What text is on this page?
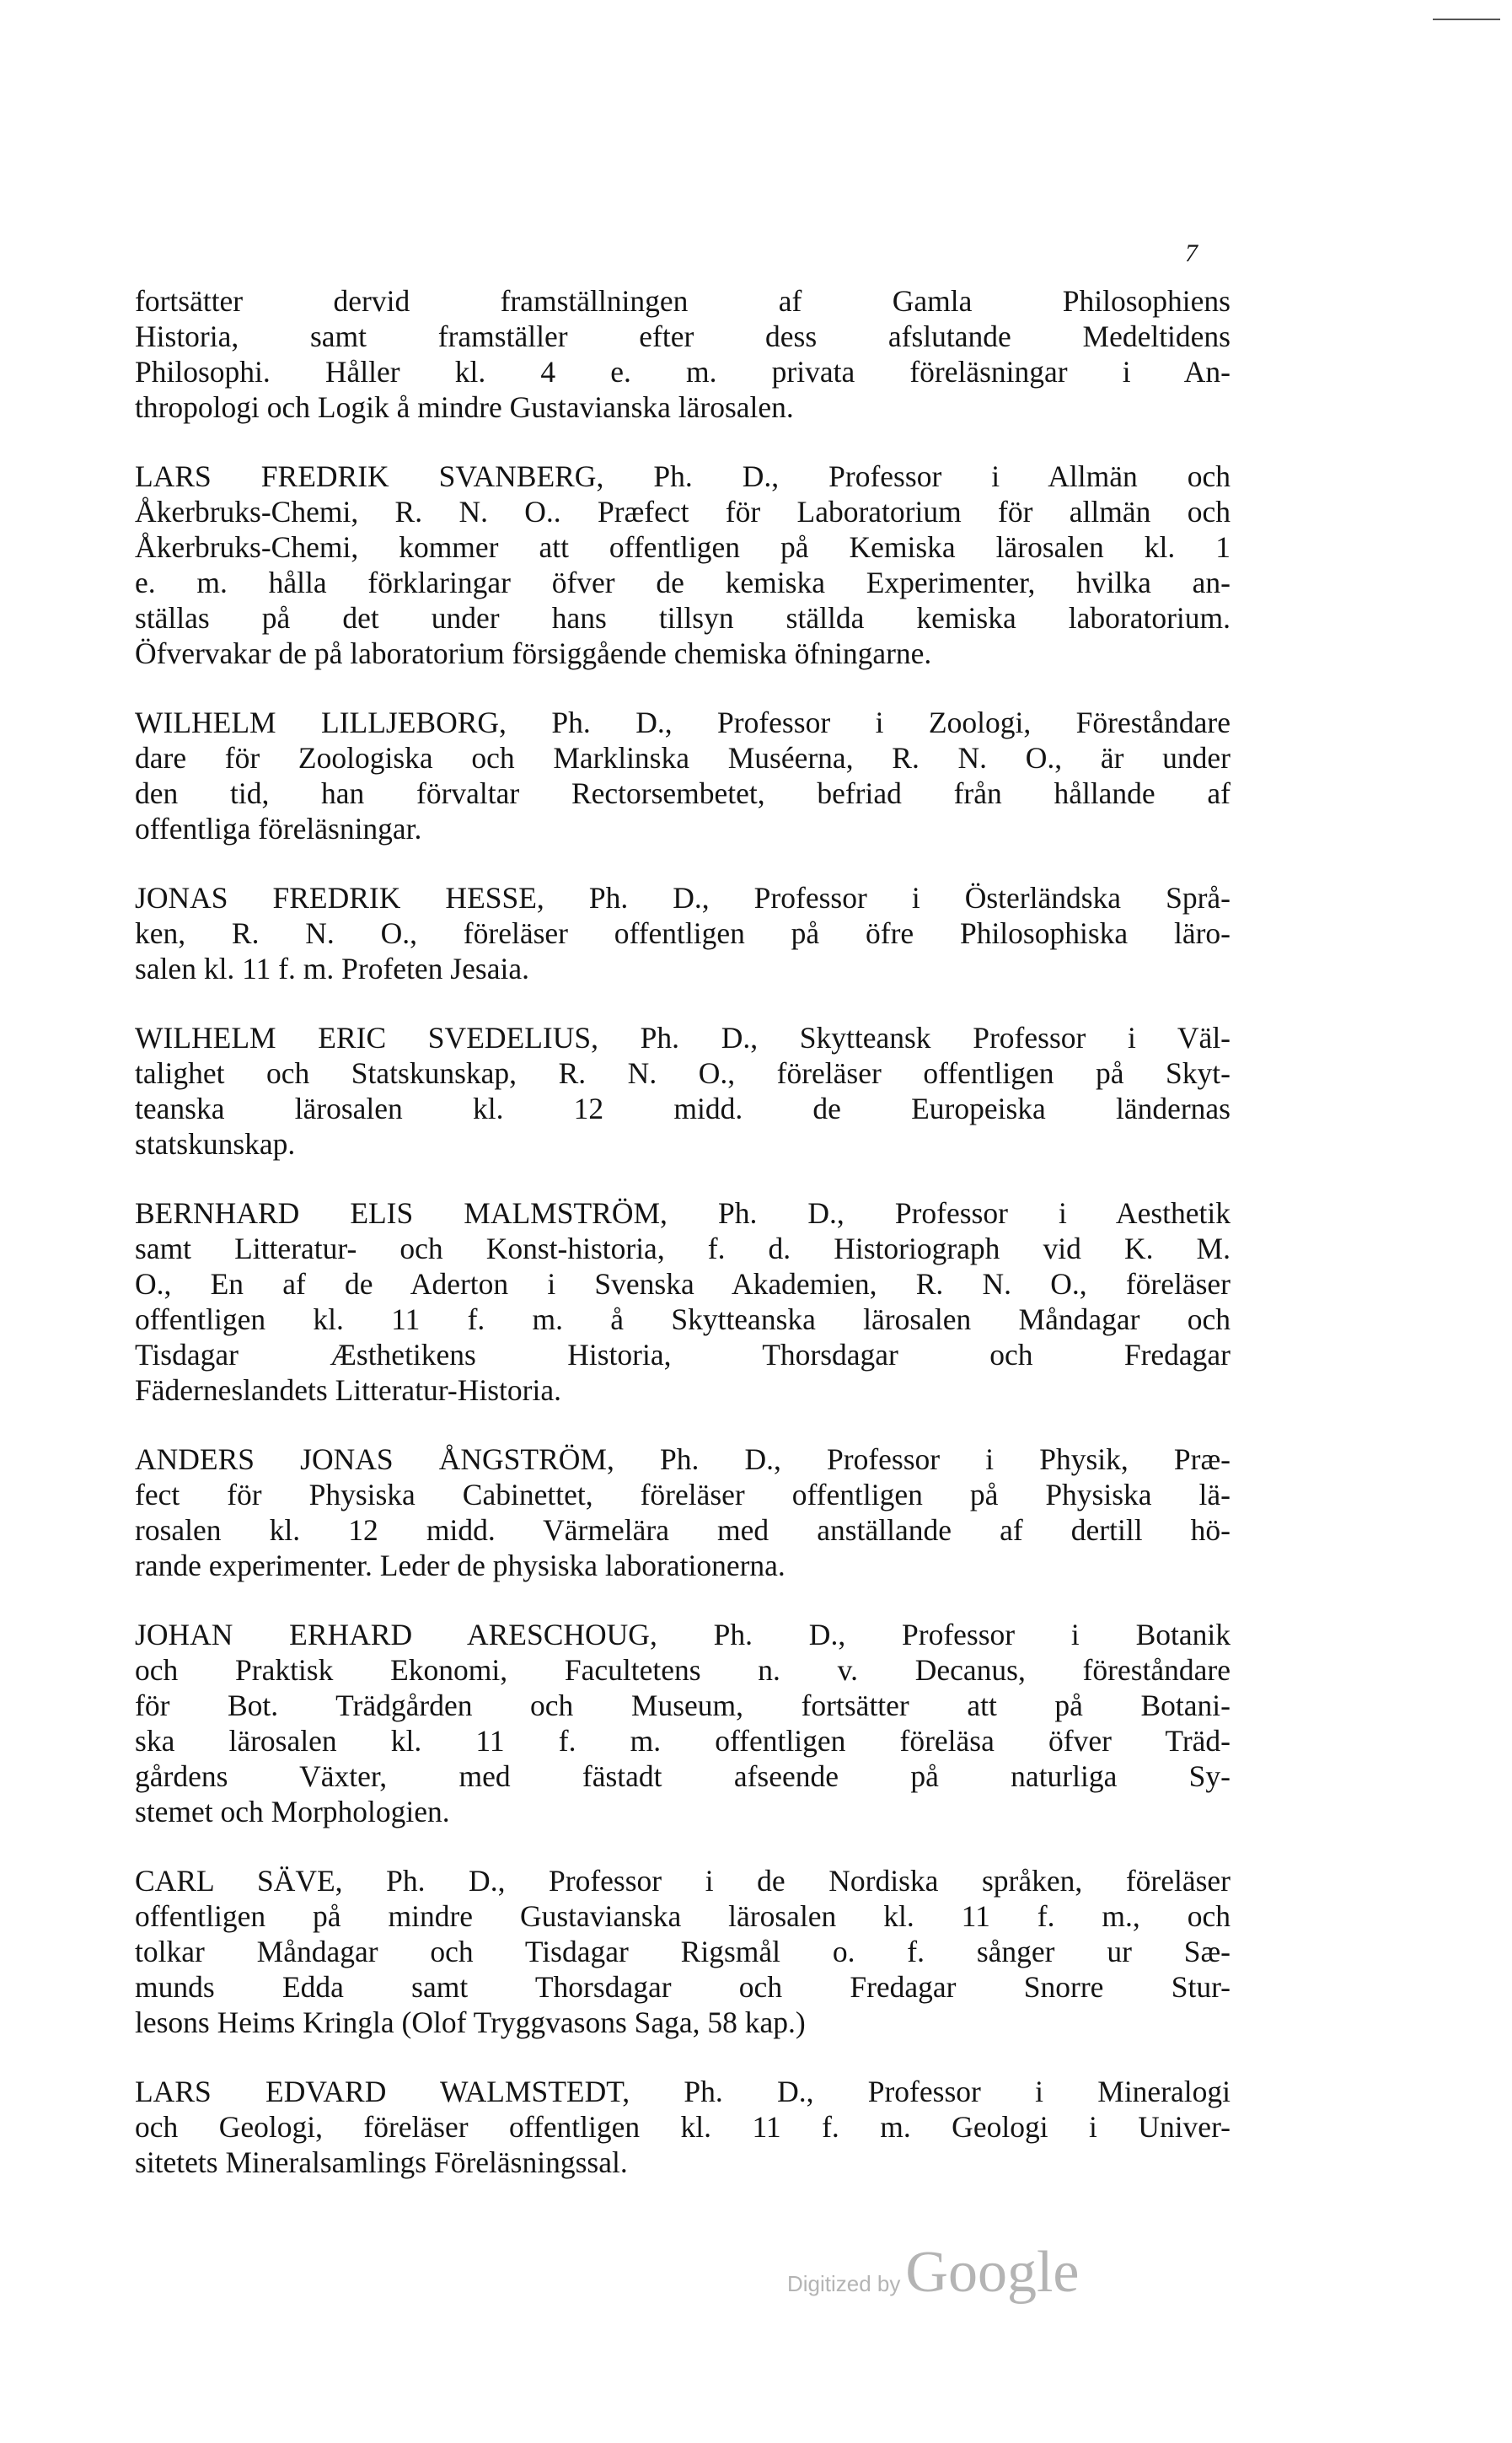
7
fortsätter dervid framställningen af Gamla Philosophiens
Historia, samt framställer efter dess afslutande Medeltidens
Philosophi. Håller kl. 4 e. m. privata föreläsningar i An-
thropologi och Logik å mindre Gustavianska lärosalen.
LARS FREDRIK SVANBERG, Ph. D., Professor i Allmän och
Åkerbruks-Chemi, R. N. O.. Præfect för Laboratorium för allmän och
Åkerbruks-Chemi, kommer att offentligen på Kemiska lärosalen kl. 1
e. m. hålla förklaringar öfver de kemiska Experimenter, hvilka an-
ställas på det under hans tillsyn ställda kemiska laboratorium.
Öfvervakar de på laboratorium försiggående chemiska öfningarne.
WILHELM LILLJEBORG, Ph. D., Professor i Zoologi, Föreståndare
dare för Zoologiska och Marklinska Muséerna, R. N. O., är under
den tid, han förvaltar Rectorsembetet, befriad från hållande af
offentliga föreläsningar.
JONAS FREDRIK HESSE, Ph. D., Professor i Österländska Språ-
ken, R. N. O., föreläser offentligen på öfre Philosophiska läro-
salen kl. 11 f. m. Profeten Jesaia.
WILHELM ERIC SVEDELIUS, Ph. D., Skytteansk Professor i Väl-
talighet och Statskunskap, R. N. O., föreläser offentligen på Skyt-
teanska lärosalen kl. 12 midd. de Europeiska ländernas
statskunskap.
BERNHARD ELIS MALMSTRÖM, Ph. D., Professor i Aesthetik
samt Litteratur- och Konst-historia, f. d. Historiograph vid K. M.
O., En af de Aderton i Svenska Akademien, R. N. O., föreläser
offentligen kl. 11 f. m. å Skytteanska lärosalen Måndagar och
Tisdagar Æsthetikens Historia, Thorsdagar och Fredagar
Fäderneslandets Litteratur-Historia.
ANDERS JONAS ÅNGSTRÖM, Ph. D., Professor i Physik, Præ-
fect för Physiska Cabinettet, föreläser offentligen på Physiska lä-
rosalen kl. 12 midd. Värmelära med anställande af dertill hö-
rande experimenter. Leder de physiska laborationerna.
JOHAN ERHARD ARESCHOUG, Ph. D., Professor i Botanik
och Praktisk Ekonomi, Facultetens n. v. Decanus, föreståndare
för Bot. Trädgården och Museum, fortsätter att på Botani-
ska lärosalen kl. 11 f. m. offentligen föreläsa öfver Träd-
gårdens Växter, med fästadt afseende på naturliga Sy-
stemet och Morphologien.
CARL SÄVE, Ph. D., Professor i de Nordiska språken, föreläser
offentligen på mindre Gustavianska lärosalen kl. 11 f. m., och
tolkar Måndagar och Tisdagar Rigsmål o. f. sånger ur Sæ-
munds Edda samt Thorsdagar och Fredagar Snorre Stur-
lesons Heims Kringla (Olof Tryggvasons Saga, 58 kap.)
LARS EDVARD WALMSTEDT, Ph. D., Professor i Mineralogi
och Geologi, föreläser offentligen kl. 11 f. m. Geologi i Univer-
sitetets Mineralsamlings Föreläsningssal.
Digitized byGoogle
